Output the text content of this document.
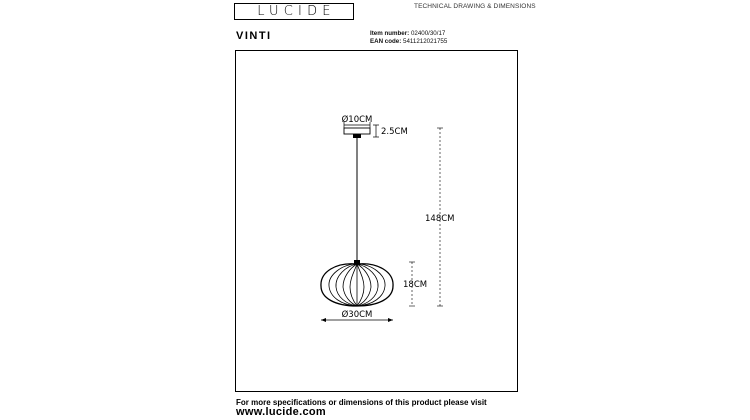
LUCIDE	TECHNICAL DRAWING & DIMENSIONS
VINTI	Item number: 02400/30/17
EAN code: 5411212021755
Ø10CM
2.5CM
Ø30CM
18CM
148CM
For more specifications or dimensions of this product please visit
www.lucide.com
